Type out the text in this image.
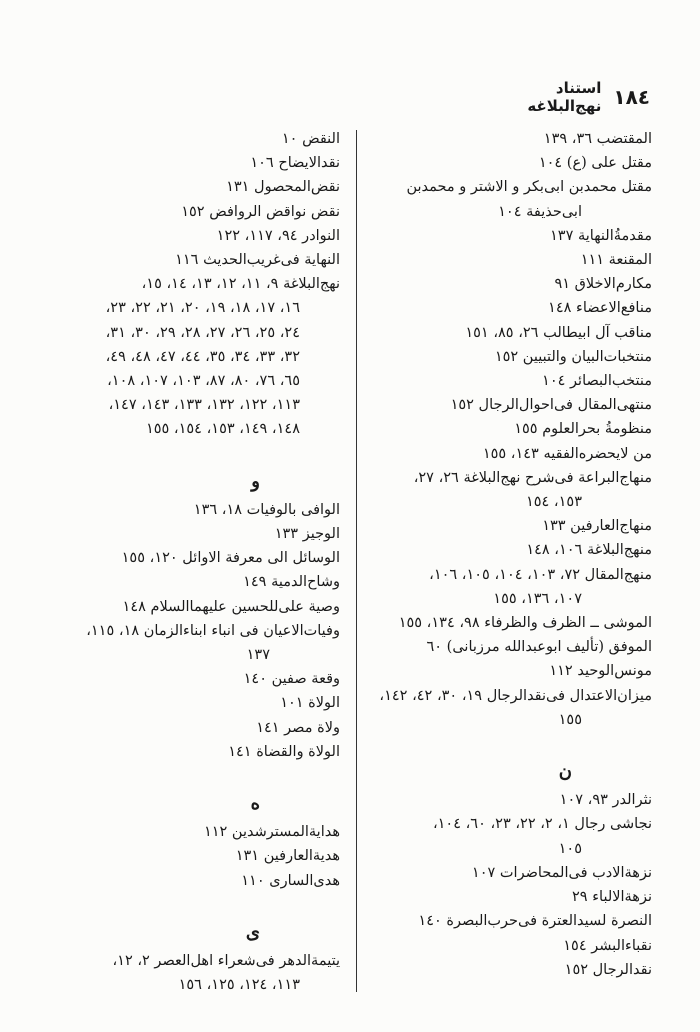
١٨٤
استناد نهج‌البلاغه
المقتضب ٣٦، ١٣٩
مقتل علی (ع) ١٠٤
مقتل محمدبن ابی‌بکر و الاشتر و محمدبن
ابی‌حذیفة ١٠٤
مقدمةُ‌النهایة ١٣٧
المقنعة ١١١
مکارم‌الاخلاق ٩١
منافع‌الاعضاء ١٤٨
مناقب آل ابیطالب ٢٦، ٨٥، ١٥١
منتخبات‌البیان والتبیین ١٥٢
منتخب‌البصائر ١٠٤
منتهی‌المقال فی‌احوال‌الرجال ١٥٢
منظومةُ بحرالعلوم ١٥٥
من لایحضره‌الفقیه ١٤٣، ١٥٥
منهاج‌البراعة فی‌شرح نهج‌البلاغة ٢٦، ٢٧،
١٥٣، ١٥٤
منهاج‌العارفین ١٣٣
منهج‌البلاغة ١٠٦، ١٤٨
منهج‌المقال ٧٢، ١٠٣، ١٠٤، ١٠٥، ١٠٦،
١٠٧، ١٣٦، ١٥٥
الموشی ــ الظرف والظرفاء ٩٨، ١٣٤، ١٥٥
الموفق (تألیف ابوعبدالله مرزبانی) ٦٠
مونس‌الوحید ١١٢
میزان‌الاعتدال فی‌نقدالرجال ١٩، ٣٠، ٤٢، ١٤٢،
١٥٥
ن
نثرالدر ٩٣، ١٠٧
نجاشی رجال ١، ٢، ٢٢، ٢٣، ٦٠، ١٠٤،
١٠٥
نزهة‌الادب فی‌المحاضرات ١٠٧
نزهة‌الالباء ٢٩
النصرة لسیدالعترة فی‌حرب‌البصرة ١٤٠
نقباء‌البشر ١٥٤
نقدالرجال ١٥٢
النقض ١٠
نقدالایضاح ١٠٦
نقض‌المحصول ١٣١
نقض نواقض الروافض ١٥٢
النوادر ٩٤، ١١٧، ١٢٢
النهایة فی‌غریب‌الحدیث ١١٦
نهج‌البلاغة ٩، ١١، ١٢، ١٣، ١٤، ١٥،
١٦، ١٧، ١٨، ١٩، ٢٠، ٢١، ٢٢، ٢٣،
٢٤، ٢٥، ٢٦، ٢٧، ٢٨، ٢٩، ٣٠، ٣١،
٣٢، ٣٣، ٣٤، ٣٥، ٤٤، ٤٧، ٤٨، ٤٩،
٦٥، ٧٦، ٨٠، ٨٧، ١٠٣، ١٠٧، ١٠٨،
١١٣، ١٢٢، ١٣٢، ١٣٣، ١٤٣، ١٤٧،
١٤٨، ١٤٩، ١٥٣، ١٥٤، ١٥٥
و
الوافی بالوفیات ١٨، ١٣٦
الوجیز ١٣٣
الوسائل الی معرفة الاوائل ١٢٠، ١٥٥
وشاح‌الدمیة ١٤٩
وصیة علی‌للحسین علیهما‌السلام ١٤٨
وفیات‌الاعیان فی انباء ابناء‌الزمان ١٨، ١١٥،
١٣٧
وقعة صفین ١٤٠
الولاة ١٠١
ولاة مصر ١٤١
الولاة والقضاة ١٤١
ه
هدایة‌المسترشدین ١١٢
هدیة‌العارفین ١٣١
هدی‌الساری ١١٠
ی
یتیمة‌الدهر فی‌شعراء اهل‌العصر ٢، ١٢،
١١٣، ١٢٤، ١٢٥، ١٥٦
